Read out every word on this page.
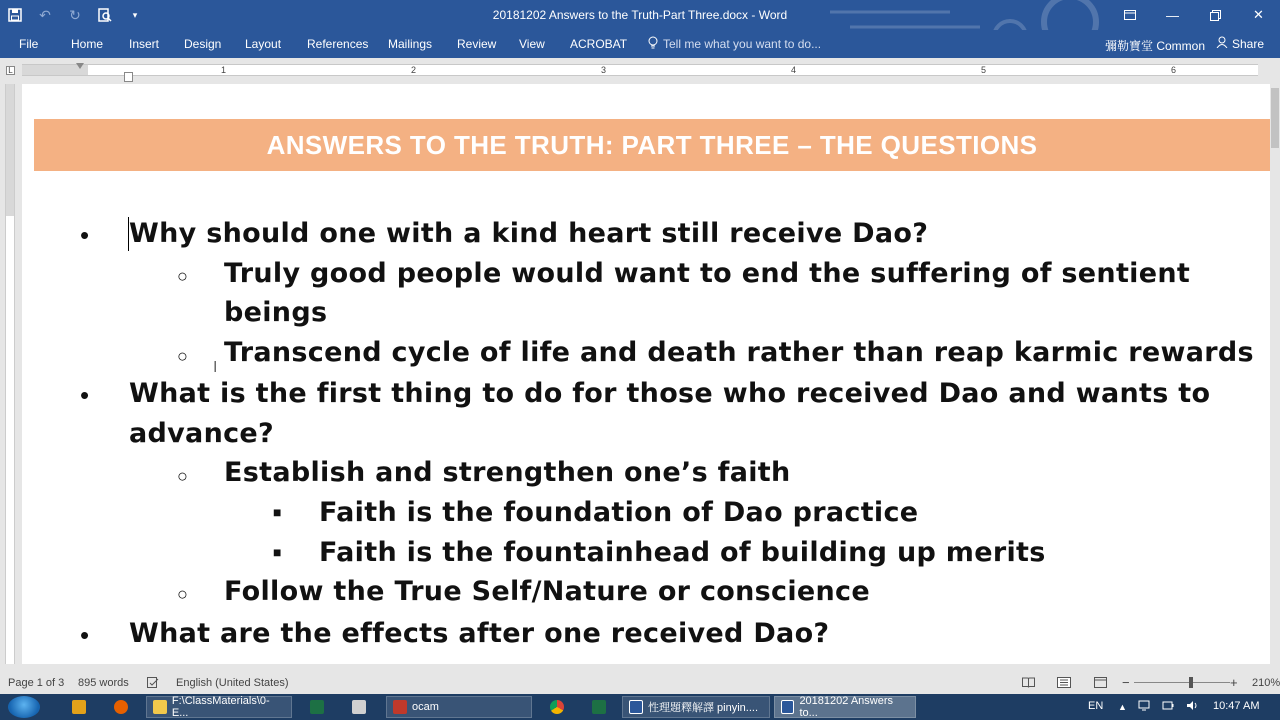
↶	↻	▾	20181202 Answers to the Truth-Part Three.docx - Word	—	✕
File	Home Insert Design Layout References Mailings Review View ACROBAT	Tell me what you want to do...	彌勒寶堂 Common Share
L	1	2	3	4	5	6
ANSWERS TO THE TRUTH: PART THREE – THE QUESTIONS
• Why should one with a kind heart still receive Dao?
○ Truly good people would want to end the suffering of sentient
beings
○
I Transcend cycle of life and death rather than reap karmic rewards
• What is the first thing to do for those who received Dao and wants to
advance?
○ Establish and strengthen one’s faith
■ Faith is the foundation of Dao practice
■ Faith is the fountainhead of building up merits
○ Follow the True Self/Nature or conscience
• What are the effects after one received Dao?
Page 1 of 3 895 words	English (United States)	−	+ 210%
F:\ClassMaterials\0-E...	ocam	性理題釋解譯 pinyin....
20181202 Answers to...
EN ▲	10:47 AM
